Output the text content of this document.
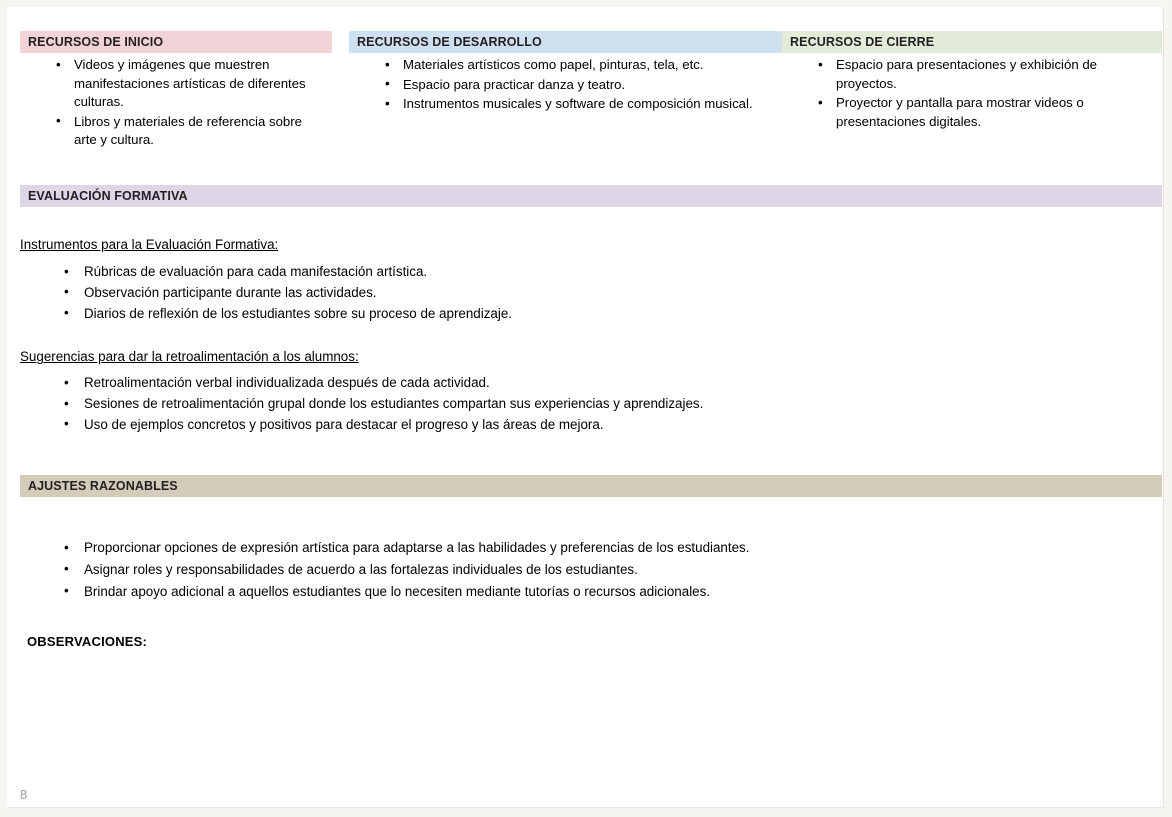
RECURSOS DE INICIO
• Videos y imágenes que muestren manifestaciones artísticas de diferentes culturas.
• Libros y materiales de referencia sobre arte y cultura.
RECURSOS DE DESARROLLO
• Materiales artísticos como papel, pinturas, tela, etc.
• Espacio para practicar danza y teatro.
• Instrumentos musicales y software de composición musical.
RECURSOS DE CIERRE
• Espacio para presentaciones y exhibición de proyectos.
• Proyector y pantalla para mostrar videos o presentaciones digitales.
EVALUACIÓN FORMATIVA
Instrumentos para la Evaluación Formativa:
• Rúbricas de evaluación para cada manifestación artística.
• Observación participante durante las actividades.
• Diarios de reflexión de los estudiantes sobre su proceso de aprendizaje.
Sugerencias para dar la retroalimentación a los alumnos:
• Retroalimentación verbal individualizada después de cada actividad.
• Sesiones de retroalimentación grupal donde los estudiantes compartan sus experiencias y aprendizajes.
• Uso de ejemplos concretos y positivos para destacar el progreso y las áreas de mejora.
AJUSTES RAZONABLES
• Proporcionar opciones de expresión artística para adaptarse a las habilidades y preferencias de los estudiantes.
• Asignar roles y responsabilidades de acuerdo a las fortalezas individuales de los estudiantes.
• Brindar apoyo adicional a aquellos estudiantes que lo necesiten mediante tutorías o recursos adicionales.
OBSERVACIONES:
8
